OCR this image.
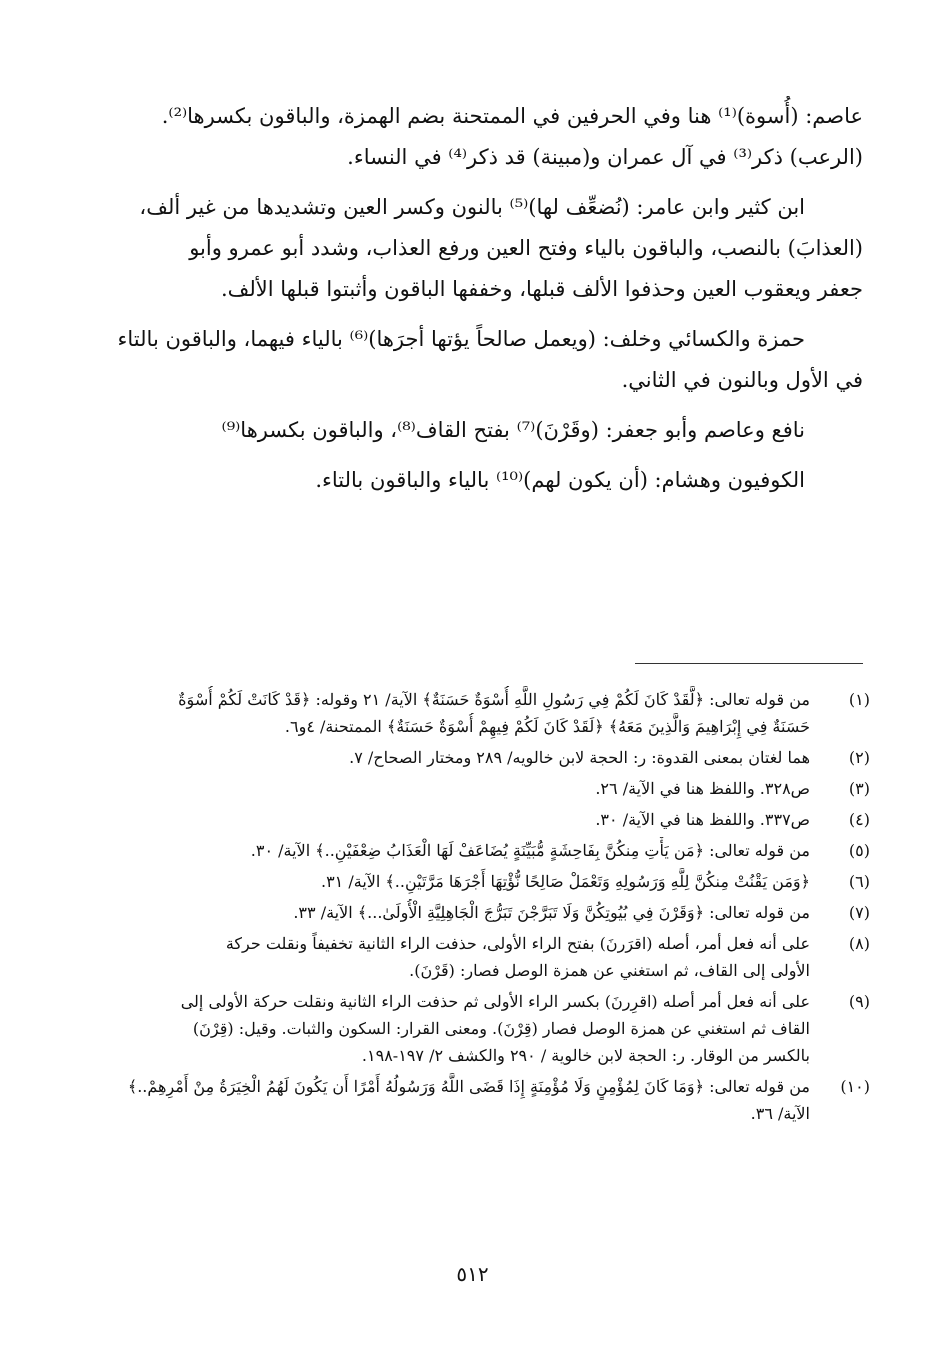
عاصم: (أُسوة)⁽¹⁾ هنا وفي الحرفين في الممتحنة بضم الهمزة، والباقون بكسرها⁽²⁾.

(الرعب) ذكر⁽³⁾ في آل عمران و(مبينة) قد ذكر⁽⁴⁾ في النساء.

ابن كثير وابن عامر: (نُضعِّف لها)⁽⁵⁾ بالنون وكسر العين وتشديدها من غير ألف،
(العذابَ) بالنصب، والباقون بالياء وفتح العين ورفع العذاب، وشدد أبو عمرو وأبو
جعفر ويعقوب العين وحذفوا الألف قبلها، وخففها الباقون وأثبتوا قبلها الألف.

حمزة والكسائي وخلف: (ويعمل صالحاً يؤتها أجرَها)⁽⁶⁾ بالياء فيهما، والباقون بالتاء
في الأول وبالنون في الثاني.

نافع وعاصم وأبو جعفر: (وقَرْنَ)⁽⁷⁾ بفتح القاف⁽⁸⁾، والباقون بكسرها⁽⁹⁾

الكوفيون وهشام: (أن يكون لهم)⁽¹⁰⁾ بالياء والباقون بالتاء.

(١)
من قوله تعالى: ﴿لَّقَدْ كَانَ لَكُمْ فِي رَسُولِ اللَّهِ أُسْوَةٌ حَسَنَةٌ﴾ الآية/ ٢١ وقوله: ﴿قَدْ كَانَتْ لَكُمْ أُسْوَةٌ
حَسَنَةٌ فِي إِبْرَاهِيمَ وَالَّذِينَ مَعَهُ﴾ ﴿لَقَدْ كَانَ لَكُمْ فِيهِمْ أُسْوَةٌ حَسَنَةٌ﴾ الممتحنة/ ٤و٦.
(٢)
هما لغتان بمعنى القدوة: ر: الحجة لابن خالويه/ ٢٨٩ ومختار الصحاح/ ٧.
(٣)
ص٣٢٨. واللفظ هنا في الآية/ ٢٦.
(٤)
ص٣٣٧. واللفظ هنا في الآية/ ٣٠.
(٥)
من قوله تعالى: ﴿مَن يَأْتِ مِنكُنَّ بِفَاحِشَةٍ مُّبَيِّنَةٍ يُضَاعَفْ لَهَا الْعَذَابُ ضِعْفَيْنِ..﴾ الآية/ ٣٠.
(٦)
﴿وَمَن يَقْنُتْ مِنكُنَّ لِلَّهِ وَرَسُولِهِ وَتَعْمَلْ صَالِحًا نُّؤْتِهَا أَجْرَهَا مَرَّتَيْنِ..﴾ الآية/ ٣١.
(٧)
من قوله تعالى: ﴿وَقَرْنَ فِي بُيُوتِكُنَّ وَلَا تَبَرَّجْنَ تَبَرُّجَ الْجَاهِلِيَّةِ الْأُولَىٰ...﴾ الآية/ ٣٣.
(٨)
على أنه فعل أمر، أصله (اقرَرنَ) بفتح الراء الأولى، حذفت الراء الثانية تخفيفاً ونقلت حركة
الأولى إلى القاف، ثم استغني عن همزة الوصل فصار: (قَرْنَ).
(٩)
على أنه فعل أمر أصله (اقرِرنَ) بكسر الراء الأولى ثم حذفت الراء الثانية ونقلت حركة الأولى إلى
القاف ثم استغني عن همزة الوصل فصار (قِرْنَ). ومعنى القرار: السكون والثبات. وقيل: (قِرْنَ)
بالكسر من الوقار. ر: الحجة لابن خالوية / ٢٩٠ والكشف ٢/ ١٩٧-١٩٨.
(١٠)
من قوله تعالى: ﴿وَمَا كَانَ لِمُؤْمِنٍ وَلَا مُؤْمِنَةٍ إِذَا قَضَى اللَّهُ وَرَسُولُهُ أَمْرًا أَن يَكُونَ لَهُمُ الْخِيَرَةُ مِنْ أَمْرِهِمْ..﴾
الآية/ ٣٦.
٥١٢
